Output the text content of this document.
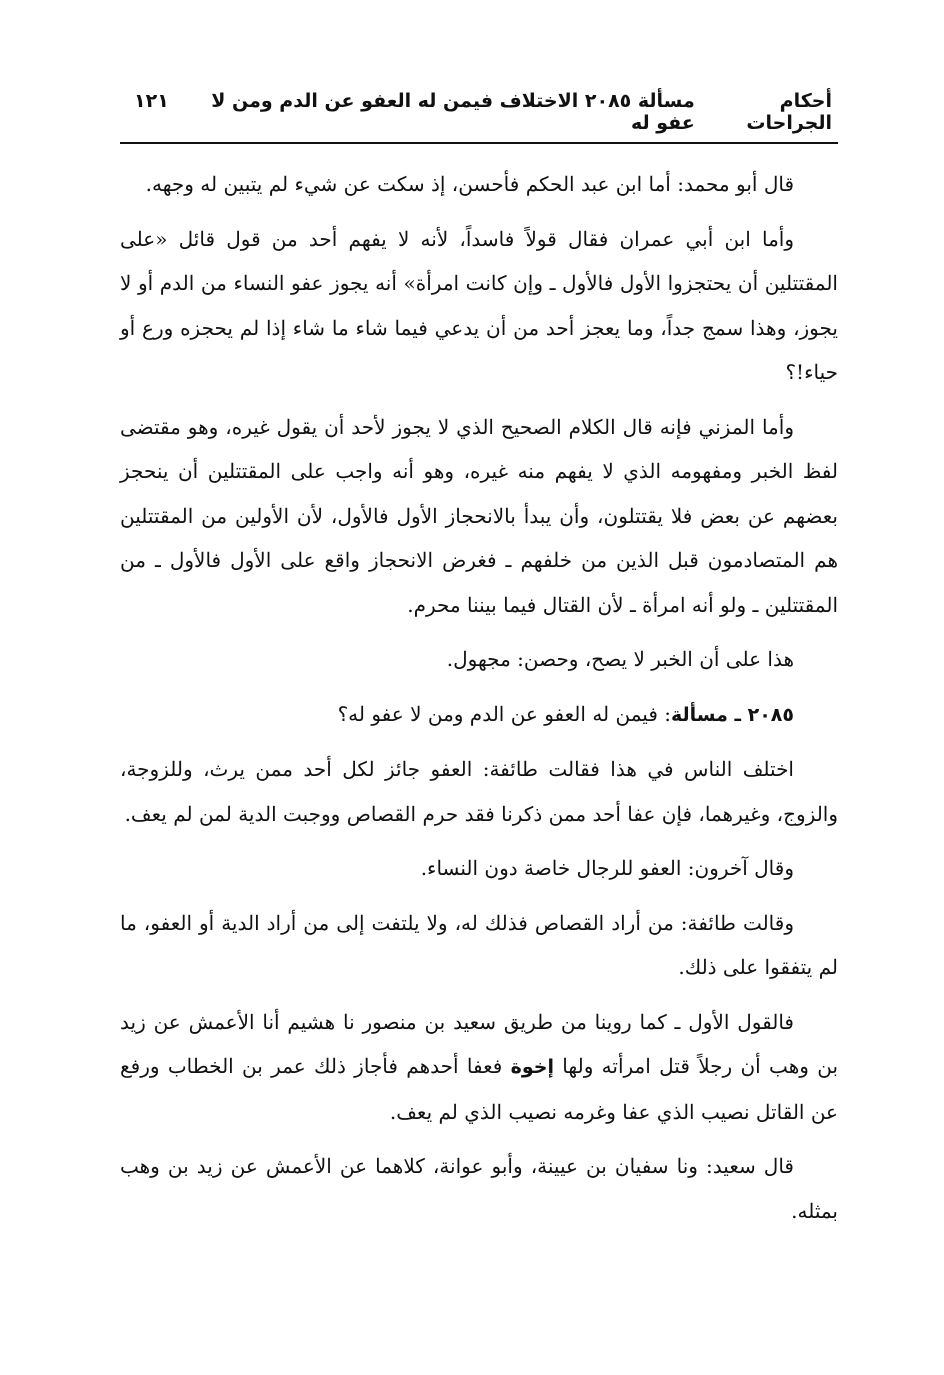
أحكام الجراحات
مسألة ٢٠٨٥ الاختلاف فيمن له العفو عن الدم ومن لا عفو له
١٢١

قال أبو محمد: أما ابن عبد الحكم فأحسن، إذ سكت عن شيء لم يتبين له وجهه.

وأما ابن أبي عمران فقال قولاً فاسداً، لأنه لا يفهم أحد من قول قائل «على المقتتلين أن يحتجزوا الأول فالأول ـ وإن كانت امرأة» أنه يجوز عفو النساء من الدم أو لا يجوز، وهذا سمج جداً، وما يعجز أحد من أن يدعي فيما شاء ما شاء إذا لم يحجزه ورع أو حياء!؟

وأما المزني فإنه قال الكلام الصحيح الذي لا يجوز لأحد أن يقول غيره، وهو مقتضى لفظ الخبر ومفهومه الذي لا يفهم منه غيره، وهو أنه واجب على المقتتلين أن ينحجز بعضهم عن بعض فلا يقتتلون، وأن يبدأ بالانحجاز الأول فالأول، لأن الأولين من المقتتلين هم المتصادمون قبل الذين من خلفهم ـ فغرض الانحجاز واقع على الأول فالأول ـ من المقتتلين ـ ولو أنه امرأة ـ لأن القتال فيما بيننا محرم.

هذا على أن الخبر لا يصح، وحصن: مجهول.

٢٠٨٥ ـ مسألة: فيمن له العفو عن الدم ومن لا عفو له؟

اختلف الناس في هذا فقالت طائفة: العفو جائز لكل أحد ممن يرث، وللزوجة، والزوج، وغيرهما، فإن عفا أحد ممن ذكرنا فقد حرم القصاص ووجبت الدية لمن لم يعف.

وقال آخرون: العفو للرجال خاصة دون النساء.

وقالت طائفة: من أراد القصاص فذلك له، ولا يلتفت إلى من أراد الدية أو العفو، ما لم يتفقوا على ذلك.

فالقول الأول ـ كما روينا من طريق سعيد بن منصور نا هشيم أنا الأعمش عن زيد بن وهب أن رجلاً قتل امرأته ولها إخوة فعفا أحدهم فأجاز ذلك عمر بن الخطاب ورفع عن القاتل نصيب الذي عفا وغرمه نصيب الذي لم يعف.

قال سعيد: ونا سفيان بن عيينة، وأبو عوانة، كلاهما عن الأعمش عن زيد بن وهب بمثله.
